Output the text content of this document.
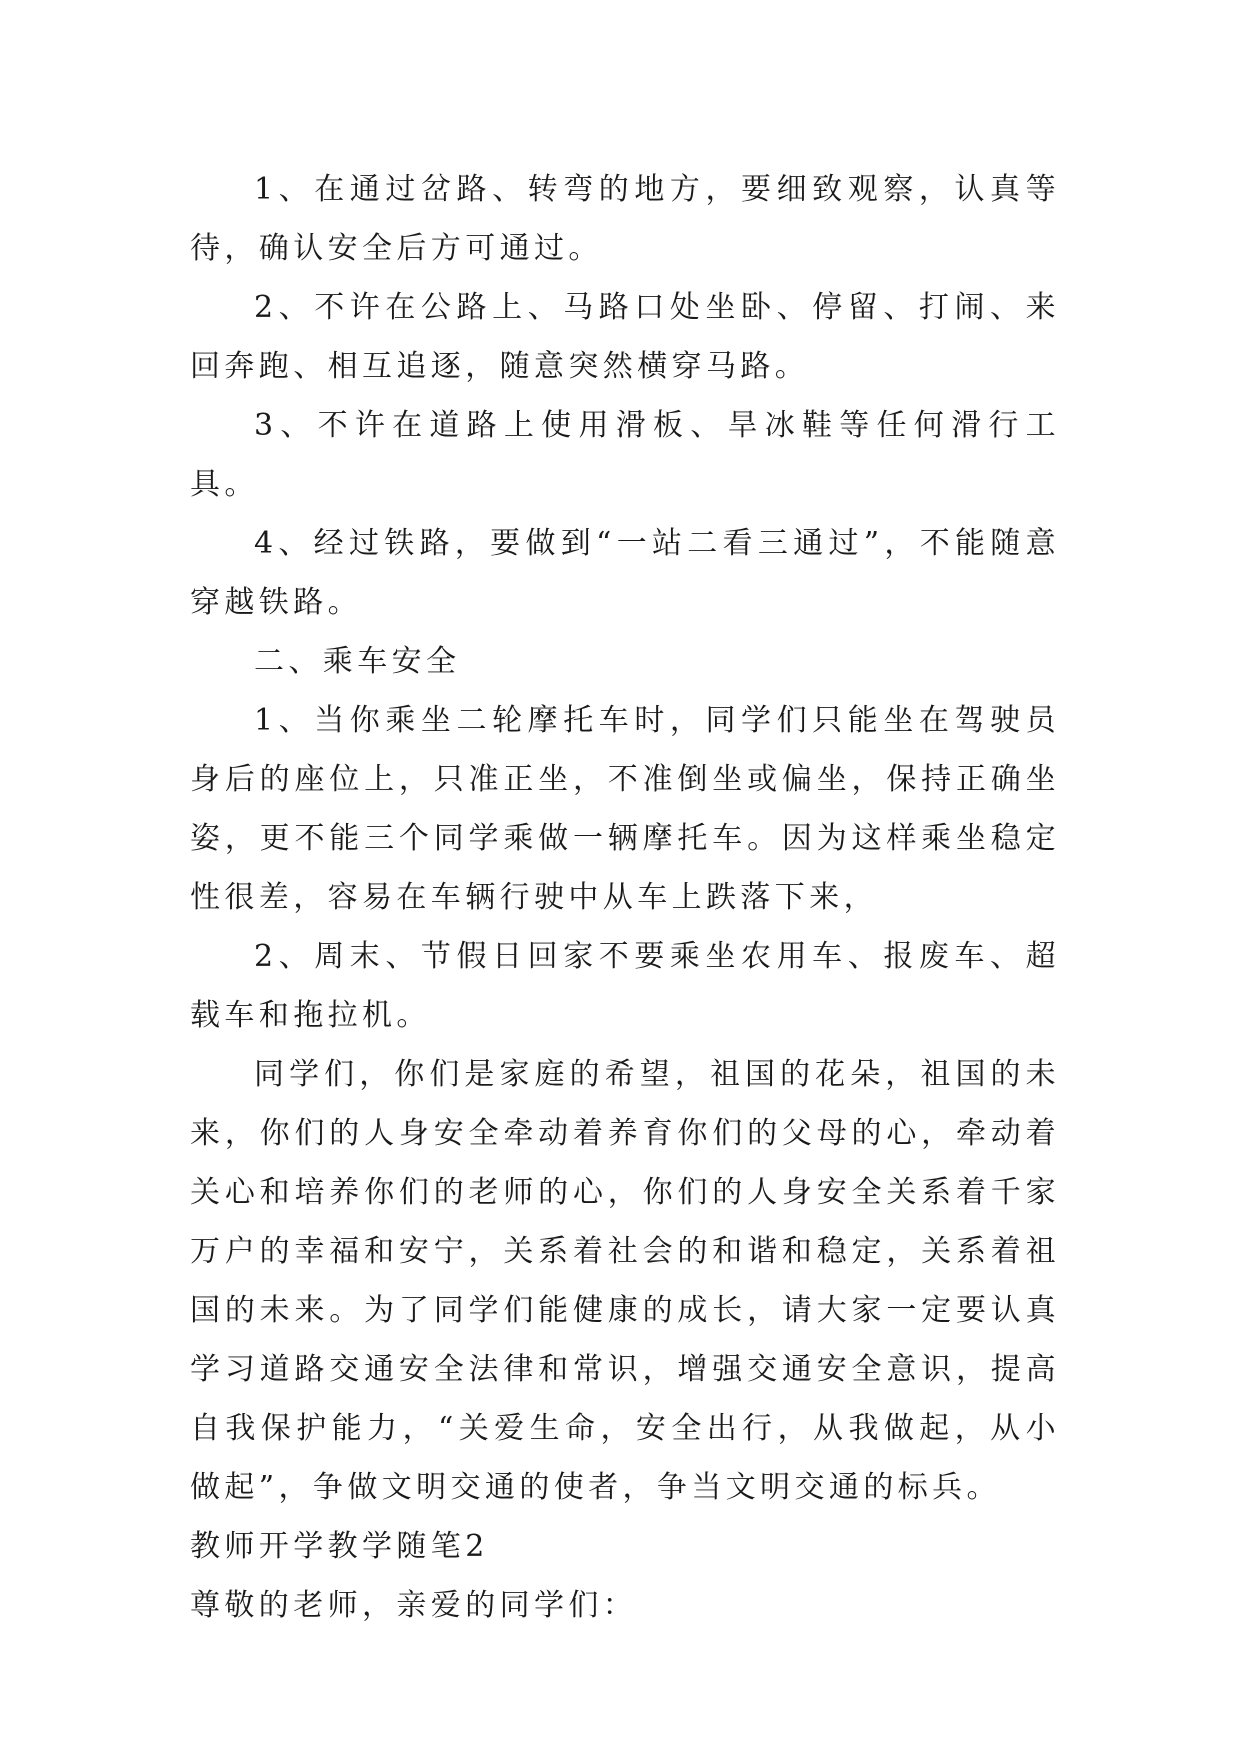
1、在通过岔路、转弯的地方，要细致观察，认真等待，确认安全后方可通过。

2、不许在公路上、马路口处坐卧、停留、打闹、来回奔跑、相互追逐，随意突然横穿马路。

3、不许在道路上使用滑板、旱冰鞋等任何滑行工具。

4、经过铁路，要做到“一站二看三通过”，不能随意穿越铁路。

二、乘车安全

1、当你乘坐二轮摩托车时，同学们只能坐在驾驶员身后的座位上，只准正坐，不准倒坐或偏坐，保持正确坐姿，更不能三个同学乘做一辆摩托车。因为这样乘坐稳定性很差，容易在车辆行驶中从车上跌落下来，

2、周末、节假日回家不要乘坐农用车、报废车、超载车和拖拉机。

同学们，你们是家庭的希望，祖国的花朵，祖国的未来，你们的人身安全牵动着养育你们的父母的心，牵动着关心和培养你们的老师的心，你们的人身安全关系着千家万户的幸福和安宁，关系着社会的和谐和稳定，关系着祖国的未来。为了同学们能健康的成长，请大家一定要认真学习道路交通安全法律和常识，增强交通安全意识，提高自我保护能力，“关爱生命，安全出行，从我做起，从小做起”，争做文明交通的使者，争当文明交通的标兵。

教师开学教学随笔2

尊敬的老师，亲爱的同学们：
